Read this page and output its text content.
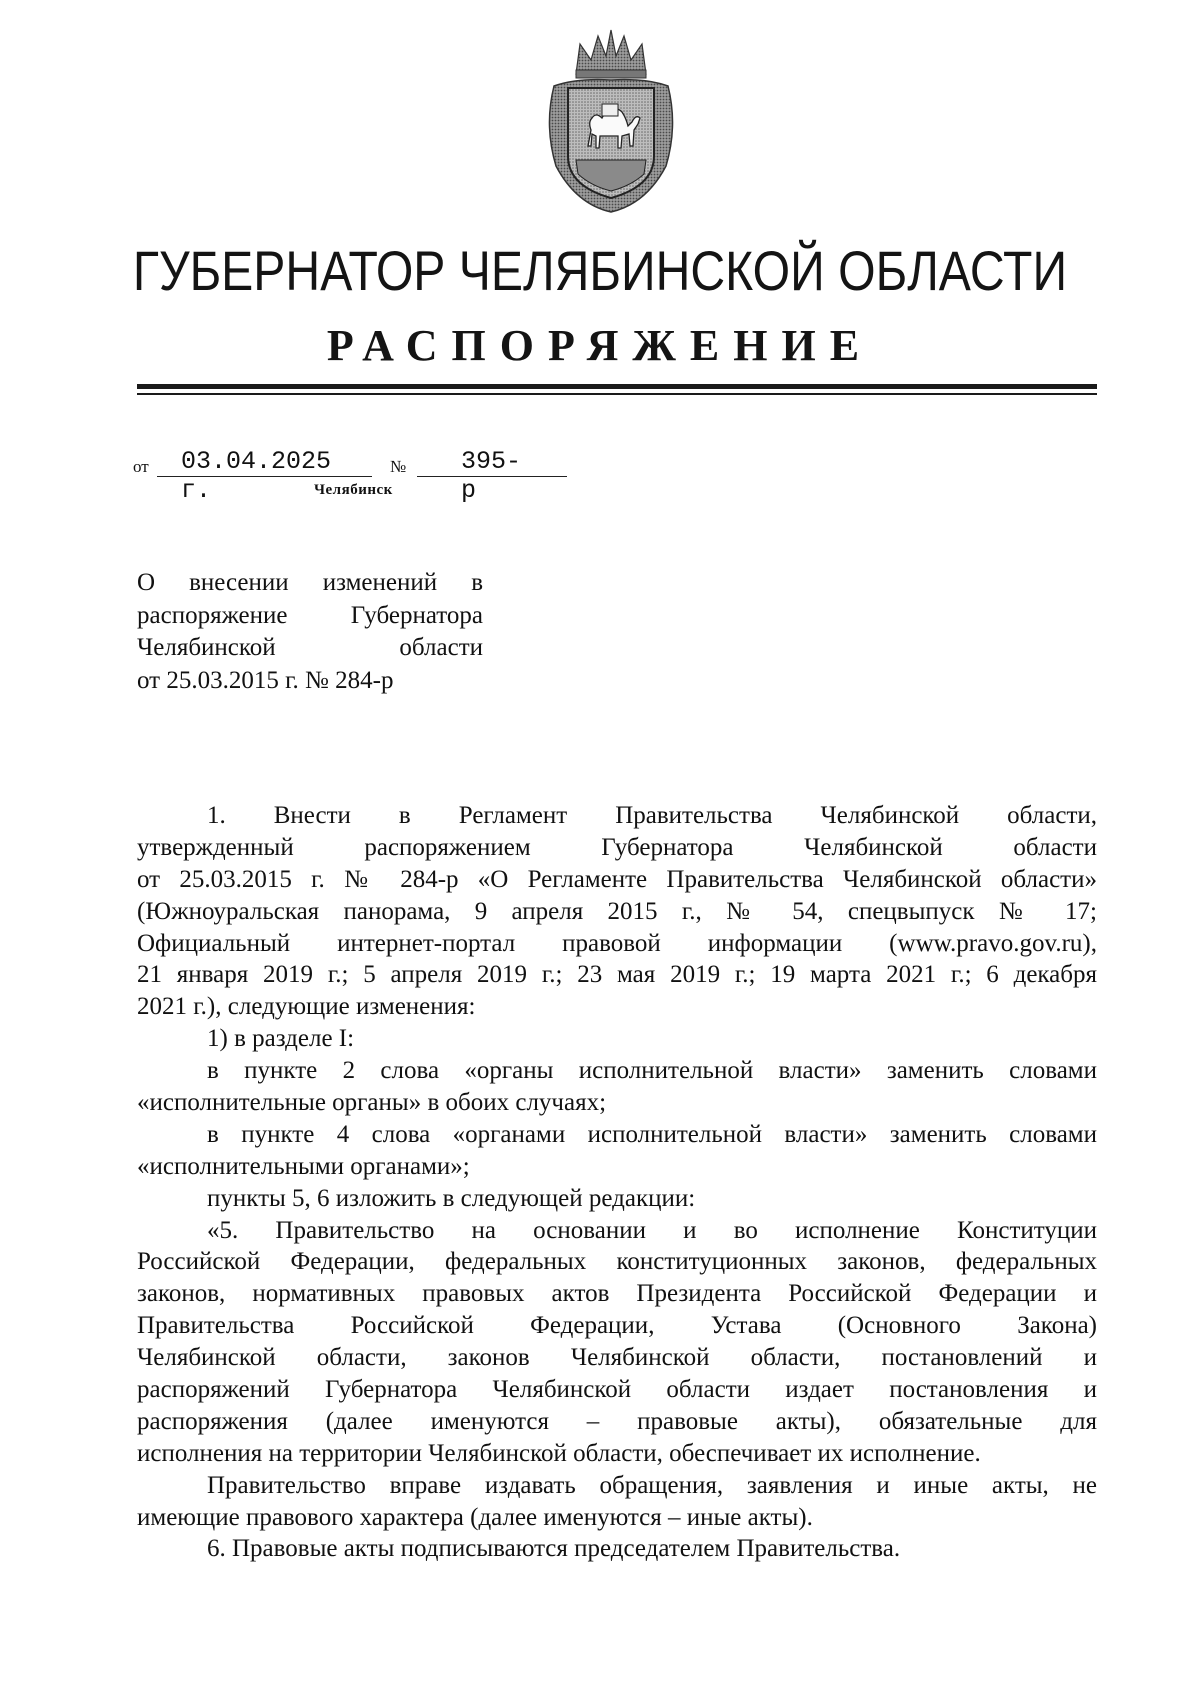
ГУБЕРНАТОР ЧЕЛЯБИНСКОЙ ОБЛАСТИ
РАСПОРЯЖЕНИЕ
от 03.04.2025 г.
№ 395-р
Челябинск
О внесении изменений в
распоряжение Губернатора
Челябинской области
от 25.03.2015 г. № 284-р
1. Внести в Регламент Правительства Челябинской области,
утвержденный распоряжением Губернатора Челябинской области
от 25.03.2015 г. № 284-р «О Регламенте Правительства Челябинской области»
(Южноуральская панорама, 9 апреля 2015 г., № 54, спецвыпуск № 17;
Официальный интернет-портал правовой информации (www.pravo.gov.ru),
21 января 2019 г.; 5 апреля 2019 г.; 23 мая 2019 г.; 19 марта 2021 г.; 6 декабря
2021 г.), следующие изменения:
1) в разделе I:
в пункте 2 слова «органы исполнительной власти» заменить словами
«исполнительные органы» в обоих случаях;
в пункте 4 слова «органами исполнительной власти» заменить словами
«исполнительными органами»;
пункты 5, 6 изложить в следующей редакции:
«5. Правительство на основании и во исполнение Конституции
Российской Федерации, федеральных конституционных законов, федеральных
законов, нормативных правовых актов Президента Российской Федерации и
Правительства Российской Федерации, Устава (Основного Закона)
Челябинской области, законов Челябинской области, постановлений и
распоряжений Губернатора Челябинской области издает постановления и
распоряжения (далее именуются – правовые акты), обязательные для
исполнения на территории Челябинской области, обеспечивает их исполнение.
Правительство вправе издавать обращения, заявления и иные акты, не
имеющие правового характера (далее именуются – иные акты).
6. Правовые акты подписываются председателем Правительства.
